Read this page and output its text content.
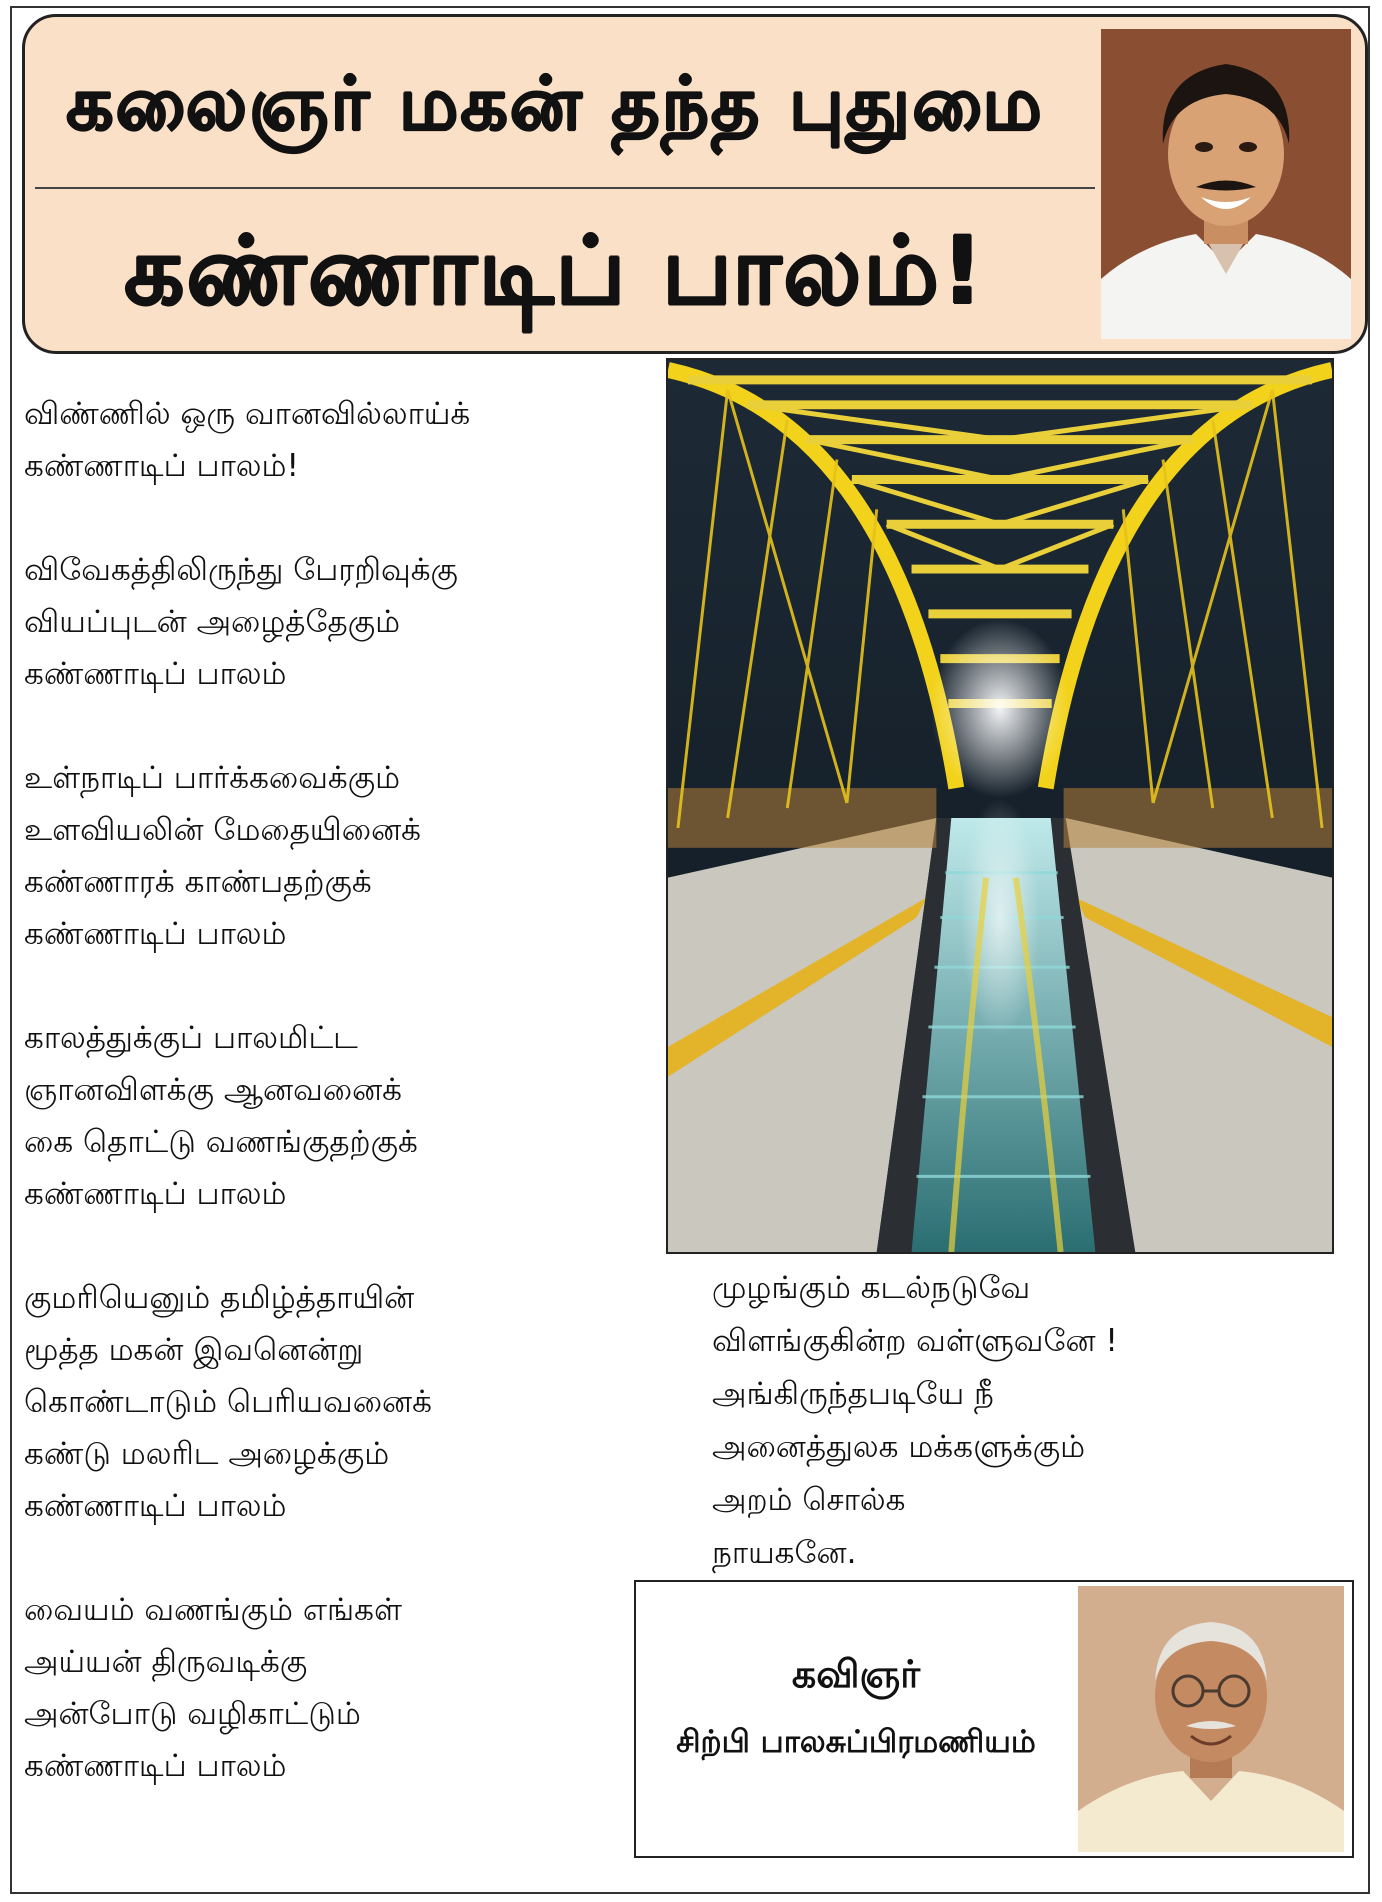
கலைஞர் மகன் தந்த புதுமை
கண்ணாடிப் பாலம்!
விண்ணில் ஒரு வானவில்லாய்க்
கண்ணாடிப் பாலம்!
விவேகத்திலிருந்து பேரறிவுக்கு
வியப்புடன் அழைத்தேகும்
கண்ணாடிப் பாலம்
உள்நாடிப் பார்க்கவைக்கும்
உளவியலின் மேதையினைக்
கண்ணாரக் காண்பதற்குக்
கண்ணாடிப் பாலம்
காலத்துக்குப் பாலமிட்ட
ஞானவிளக்கு ஆனவனைக்
கை தொட்டு வணங்குதற்குக்
கண்ணாடிப் பாலம்
குமரியெனும் தமிழ்த்தாயின்
மூத்த மகன் இவனென்று
கொண்டாடும் பெரியவனைக்
கண்டு மலரிட அழைக்கும்
கண்ணாடிப் பாலம்
வையம் வணங்கும் எங்கள்
அய்யன் திருவடிக்கு
அன்போடு வழிகாட்டும்
கண்ணாடிப் பாலம்
முழங்கும் கடல்நடுவே
விளங்குகின்ற வள்ளுவனே !
அங்கிருந்தபடியே நீ
அனைத்துலக மக்களுக்கும்
அறம் சொல்க
நாயகனே.
கவிஞர்
சிற்பி பாலசுப்பிரமணியம்
